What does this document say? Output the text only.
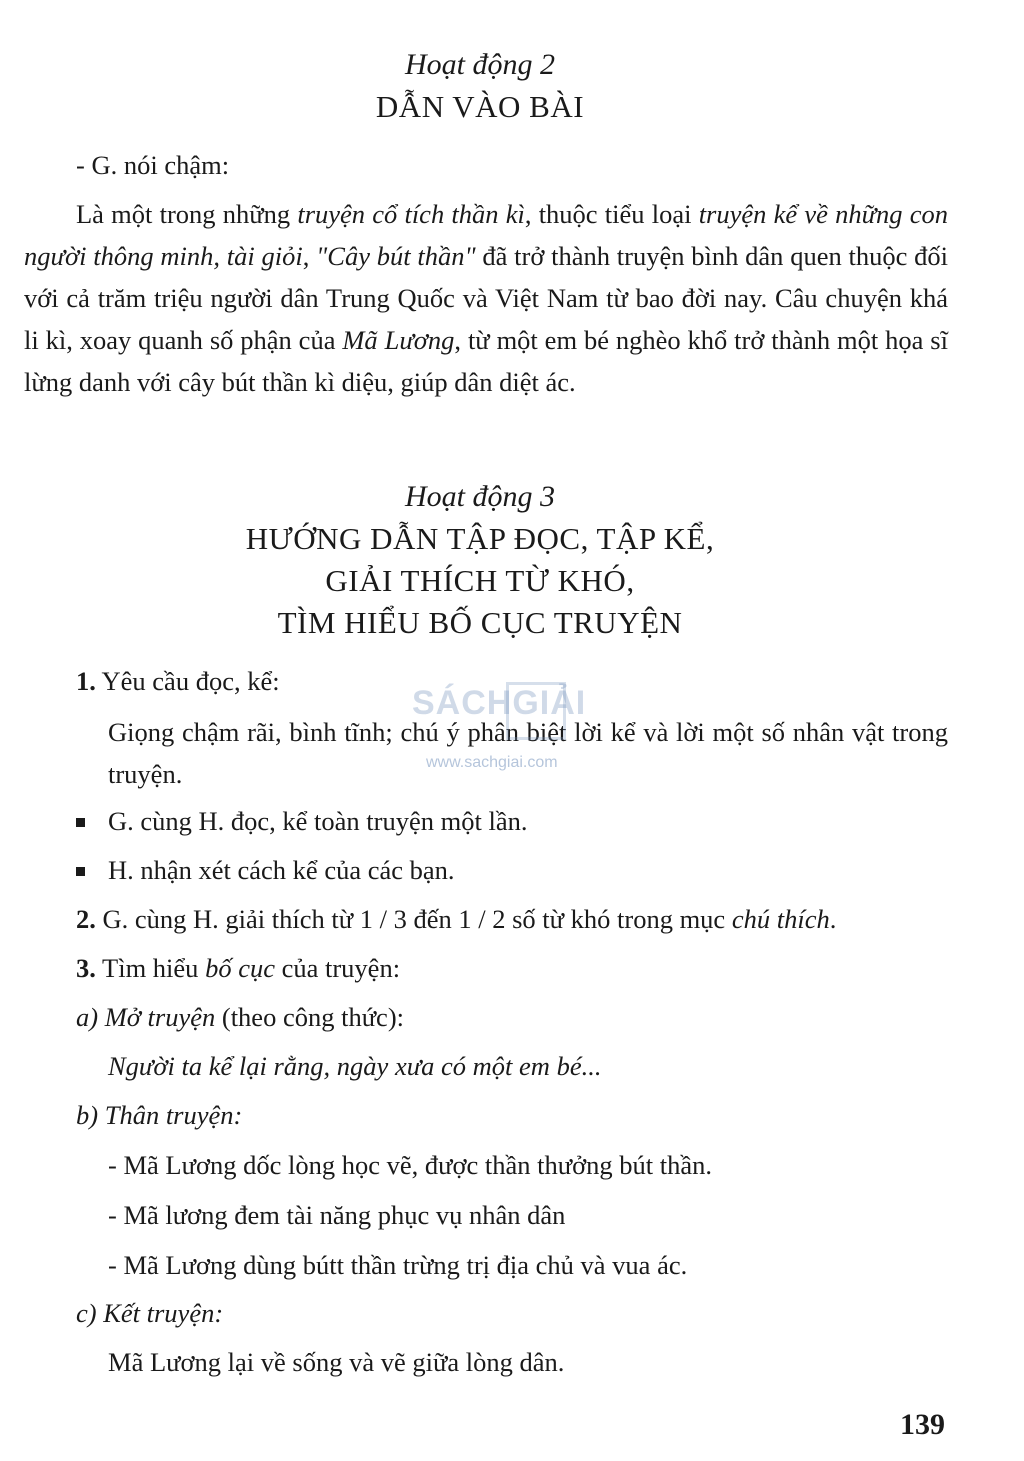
Hoạt động 2
DẪN VÀO BÀI
- G. nói chậm:
Là một trong những truyện cổ tích thần kì, thuộc tiểu loại truyện kể về những con người thông minh, tài giỏi, "Cây bút thần" đã trở thành truyện bình dân quen thuộc đối với cả trăm triệu người dân Trung Quốc và Việt Nam từ bao đời nay. Câu chuyện khá li kì, xoay quanh số phận của Mã Lương, từ một em bé nghèo khổ trở thành một họa sĩ lừng danh với cây bút thần kì diệu, giúp dân diệt ác.
Hoạt động 3
HƯỚNG DẪN TẬP ĐỌC, TẬP KỂ,
GIẢI THÍCH TỪ KHÓ,
TÌM HIỂU BỐ CỤC TRUYỆN
1. Yêu cầu đọc, kể:
Giọng chậm rãi, bình tĩnh; chú ý phân biệt lời kể và lời một số nhân vật trong truyện.
G. cùng H. đọc, kể toàn truyện một lần.
H. nhận xét cách kể của các bạn.
2. G. cùng H. giải thích từ 1 / 3 đến 1 / 2 số từ khó trong mục chú thích.
3. Tìm hiểu bố cục của truyện:
a) Mở truyện (theo công thức):
Người ta kể lại rằng, ngày xưa có một em bé...
b) Thân truyện:
- Mã Lương dốc lòng học vẽ, được thần thưởng bút thần.
- Mã lương đem tài năng phục vụ nhân dân
- Mã Lương dùng bútt thần trừng trị địa chủ và vua ác.
c) Kết truyện:
Mã Lương lại về sống và vẽ giữa lòng dân.
SÁCHGIẢI
www.sachgiai.com
139
